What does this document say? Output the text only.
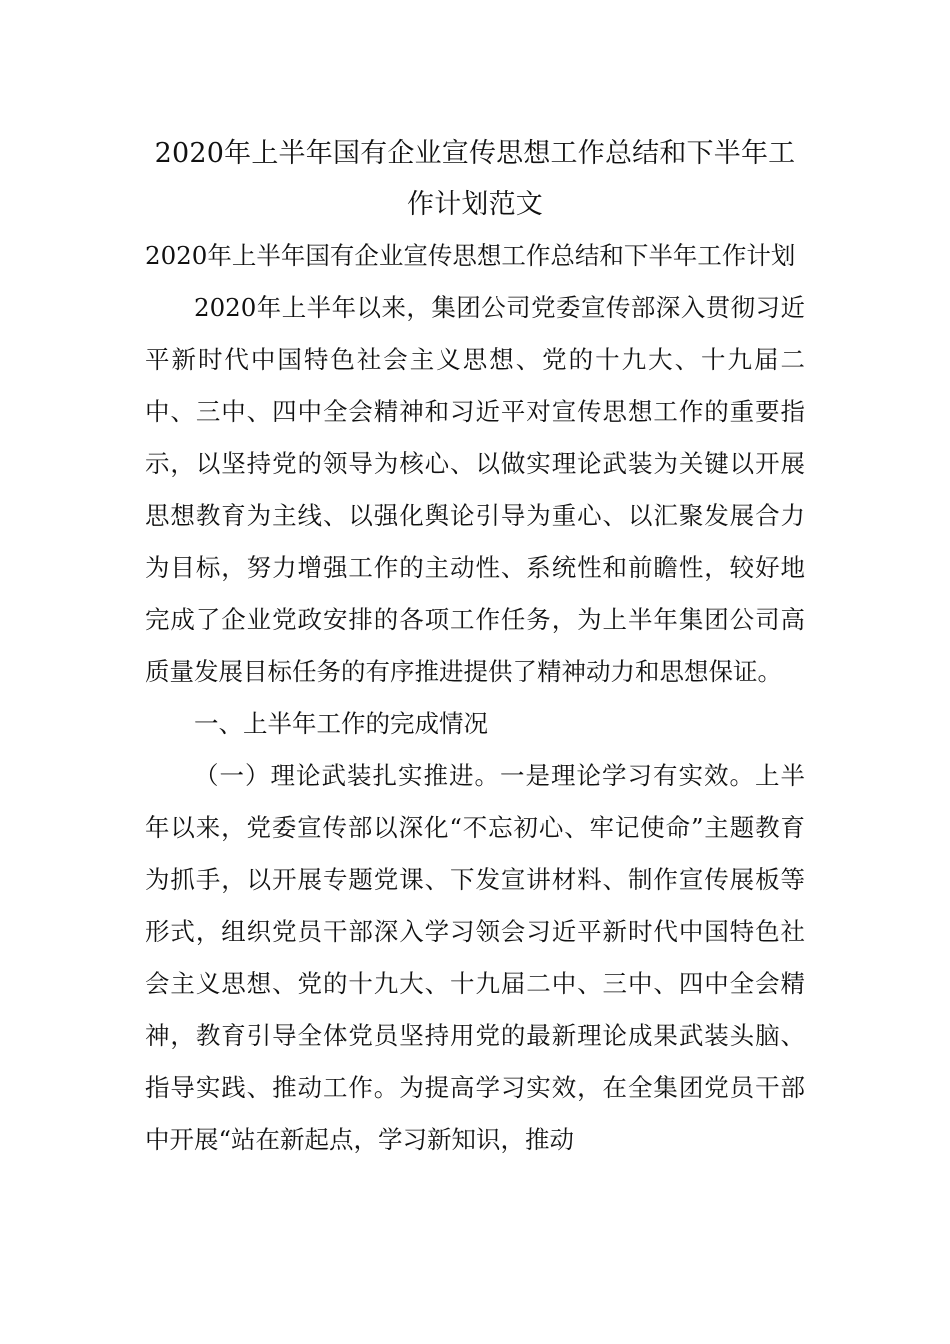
2020年上半年国有企业宣传思想工作总结和下半年工作计划范文

2020年上半年国有企业宣传思想工作总结和下半年工作计划

2020年上半年以来，集团公司党委宣传部深入贯彻习近平新时代中国特色社会主义思想、党的十九大、十九届二中、三中、四中全会精神和习近平对宣传思想工作的重要指示，以坚持党的领导为核心、以做实理论武装为关键以开展思想教育为主线、以强化舆论引导为重心、以汇聚发展合力为目标，努力增强工作的主动性、系统性和前瞻性，较好地完成了企业党政安排的各项工作任务，为上半年集团公司高质量发展目标任务的有序推进提供了精神动力和思想保证。

一、上半年工作的完成情况

（一）理论武装扎实推进。一是理论学习有实效。上半年以来，党委宣传部以深化“不忘初心、牢记使命”主题教育为抓手，以开展专题党课、下发宣讲材料、制作宣传展板等形式，组织党员干部深入学习领会习近平新时代中国特色社会主义思想、党的十九大、十九届二中、三中、四中全会精神，教育引导全体党员坚持用党的最新理论成果武装头脑、指导实践、推动工作。为提高学习实效，在全集团党员干部中开展“站在新起点，学习新知识，推动
